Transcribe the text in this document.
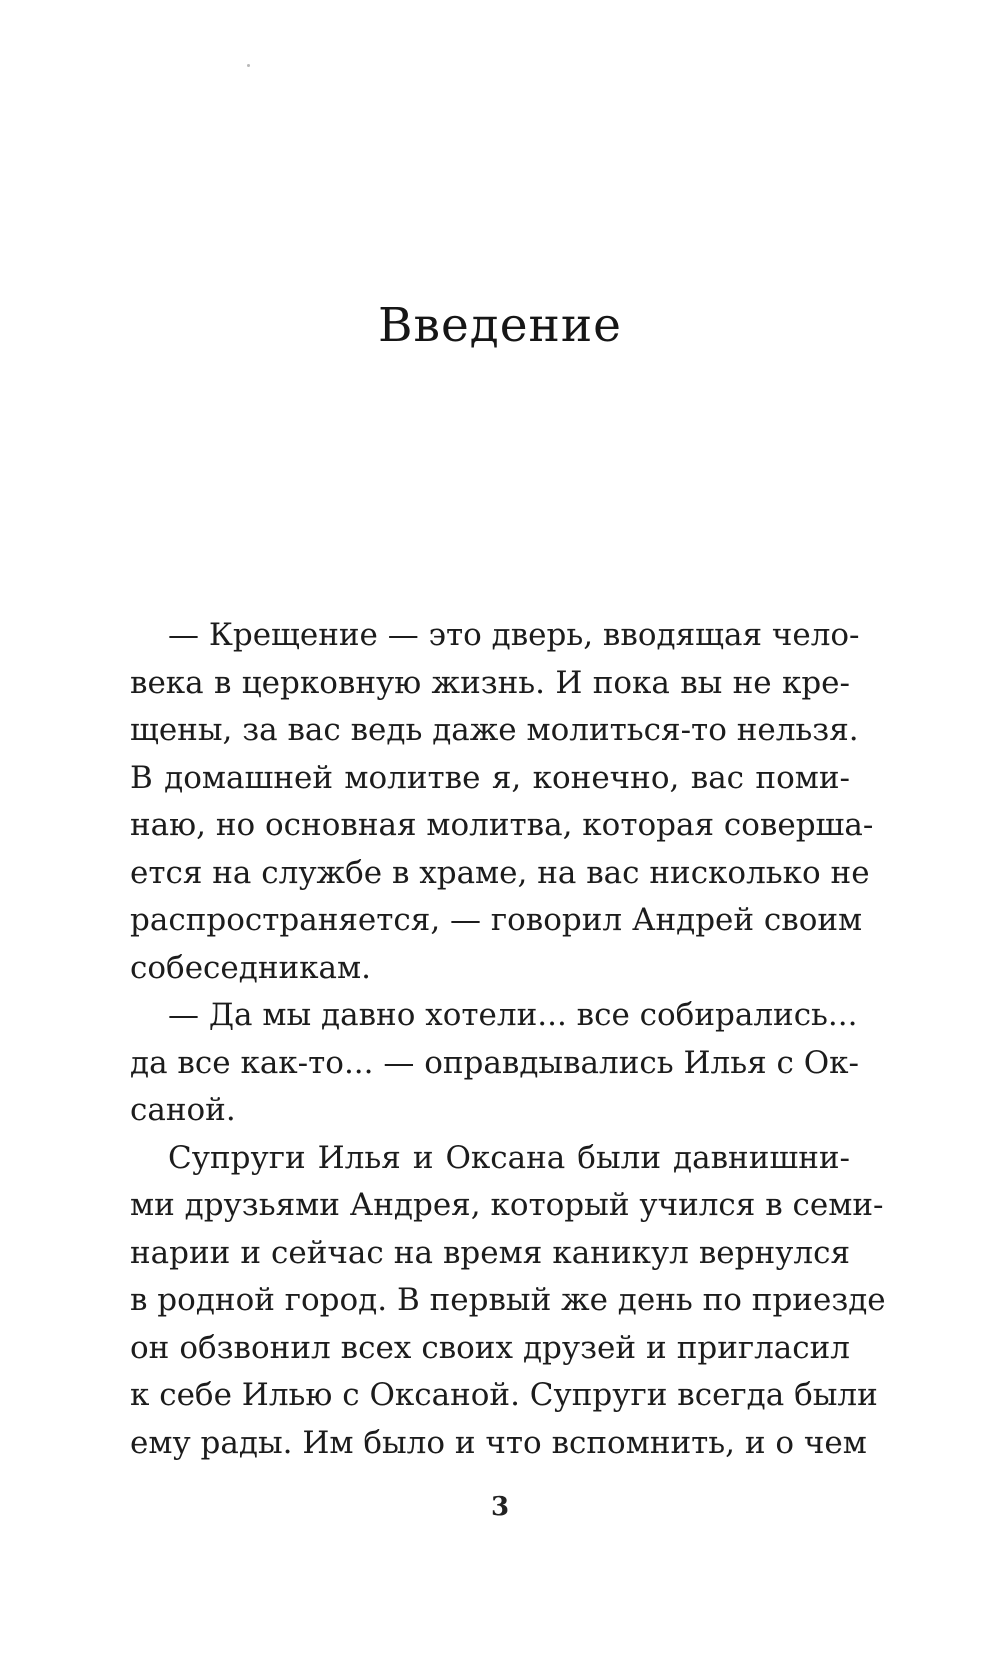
Введение
— Крещение — это дверь, вводящая чело-
века в церковную жизнь. И пока вы не кре-
щены, за вас ведь даже молиться-то нельзя.
В домашней молитве я, конечно, вас поми-
наю, но основная молитва, которая соверша-
ется на службе в храме, на вас нисколько не
распространяется, — говорил Андрей своим
собеседникам.
— Да мы давно хотели... все собирались...
да все как-то... — оправдывались Илья с Ок-
саной.
Супруги Илья и Оксана были давнишни-
ми друзьями Андрея, который учился в семи-
нарии и сейчас на время каникул вернулся
в родной город. В первый же день по приезде
он обзвонил всех своих друзей и пригласил
к себе Илью с Оксаной. Супруги всегда были
ему рады. Им было и что вспомнить, и о чем
3
